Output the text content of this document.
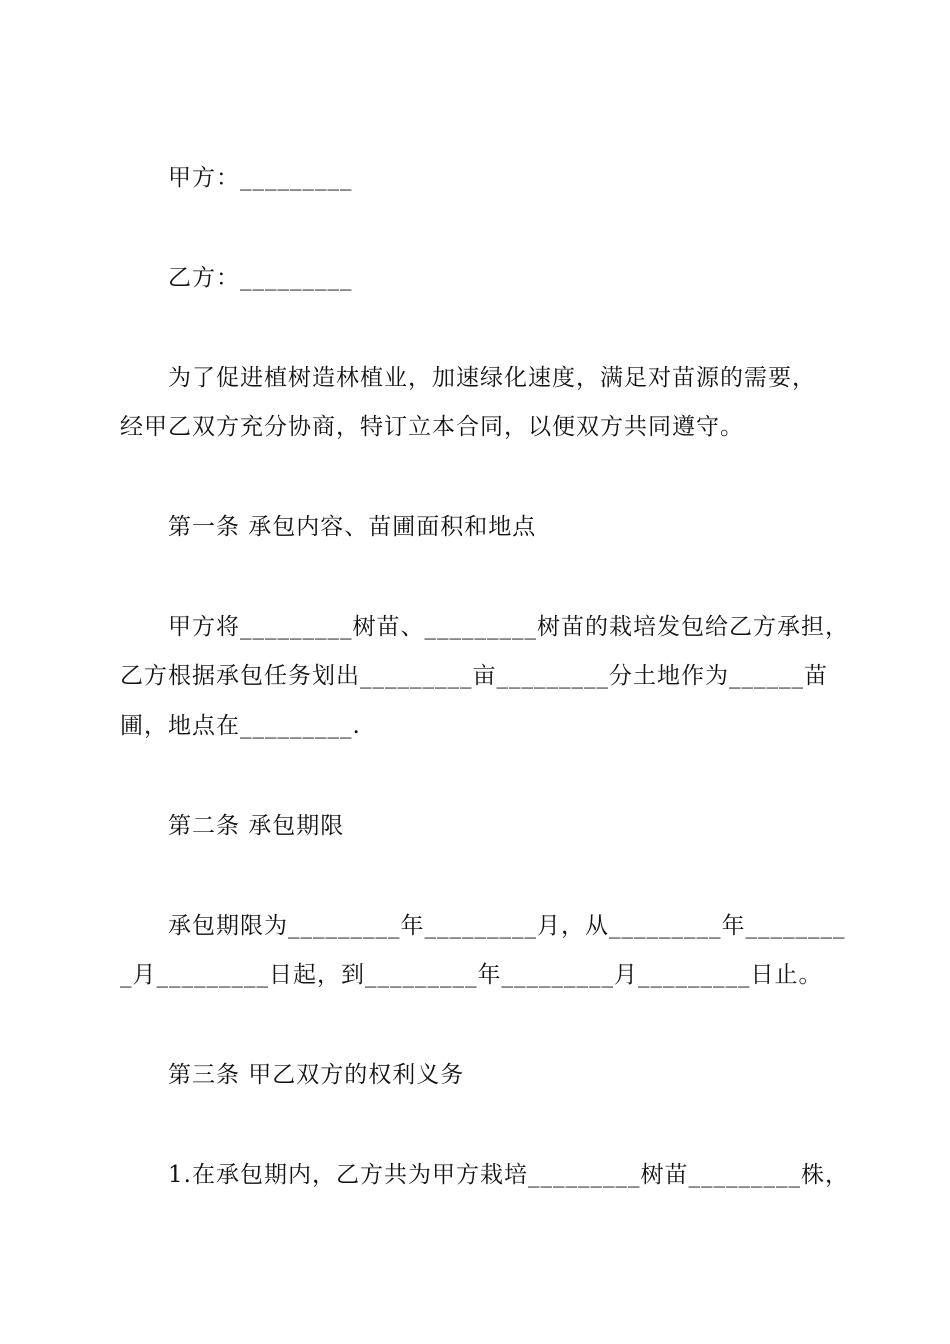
甲方：_________
乙方：_________
为了促进植树造林植业，加速绿化速度，满足对苗源的需要，
经甲乙双方充分协商，特订立本合同，以便双方共同遵守。
第一条 承包内容、苗圃面积和地点
甲方将_________树苗、_________树苗的栽培发包给乙方承担，
乙方根据承包任务划出_________亩_________分土地作为______苗
圃，地点在_________.
第二条 承包期限
承包期限为_________年_________月，从_________年________
_月_________日起，到_________年_________月_________日止。
第三条 甲乙双方的权利义务
1.在承包期内，乙方共为甲方栽培_________树苗_________株，
